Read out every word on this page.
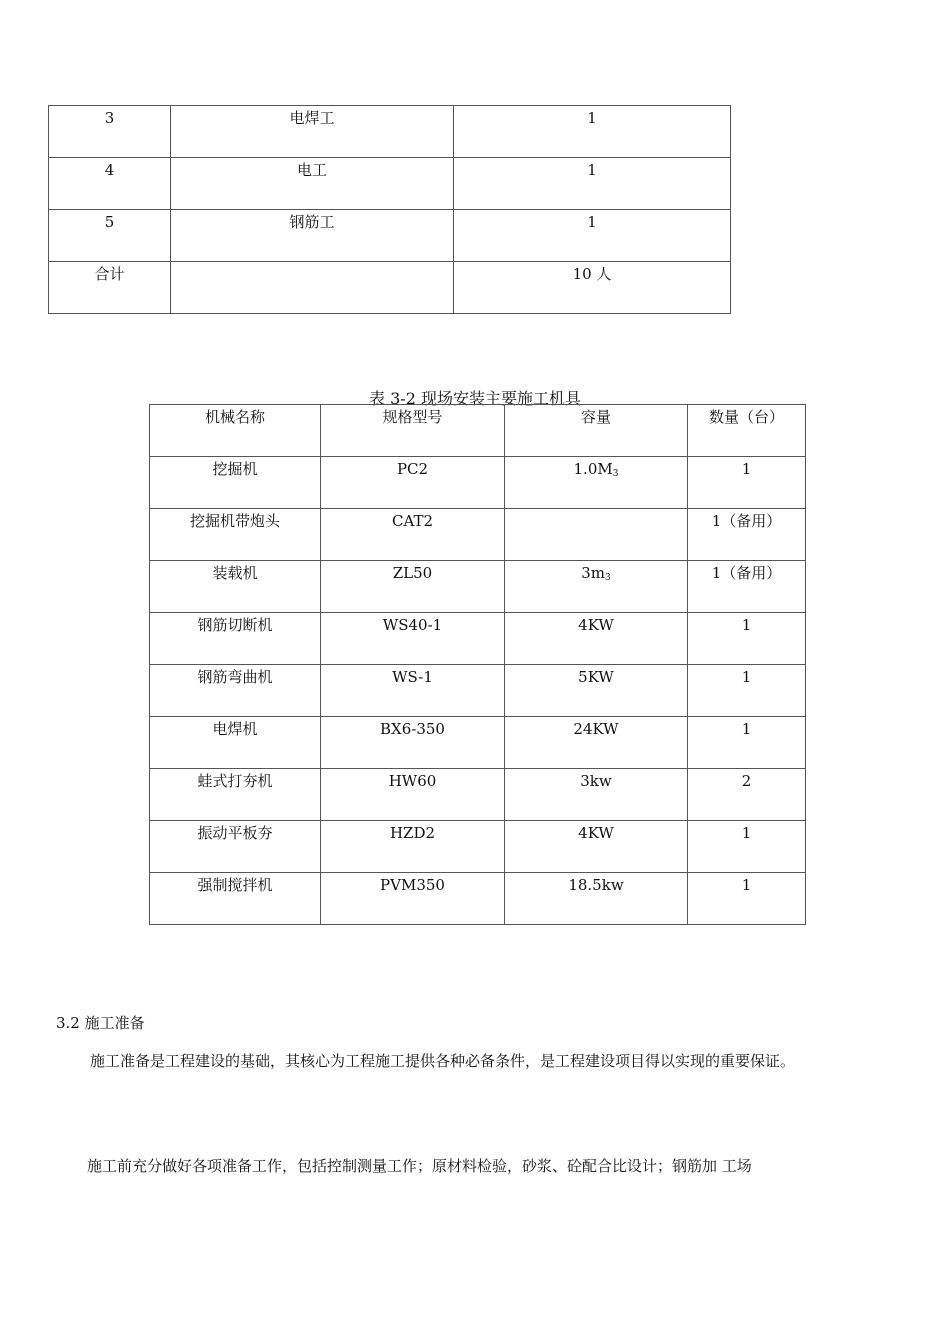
3	电焊工	1
4	电工	1
5	钢筋工	1
合计		10 人
表 3-2 现场安装主要施工机具
机械名称	规格型号	容量	数量（台）
挖掘机	PC2	$1.0M_3$	1
挖掘机带炮头	CAT2		1（备用）
装载机	ZL50	$3m_3$	1（备用）
钢筋切断机	WS40-1	4KW	1
钢筋弯曲机	WS-1	5KW	1
电焊机	BX6-350	24KW	1
蛙式打夯机	HW60	3kw	2
振动平板夯	HZD2	4KW	1
强制搅拌机	PVM350	18.5kw	1
3.2 施工准备
施工准备是工程建设的基础，其核心为工程施工提供各种必备条件，是工程建设项目得以实现的重要保证。
施工前充分做好各项准备工作，包括控制测量工作；原材料检验，砂浆、砼配合比设计；钢筋加 工场
